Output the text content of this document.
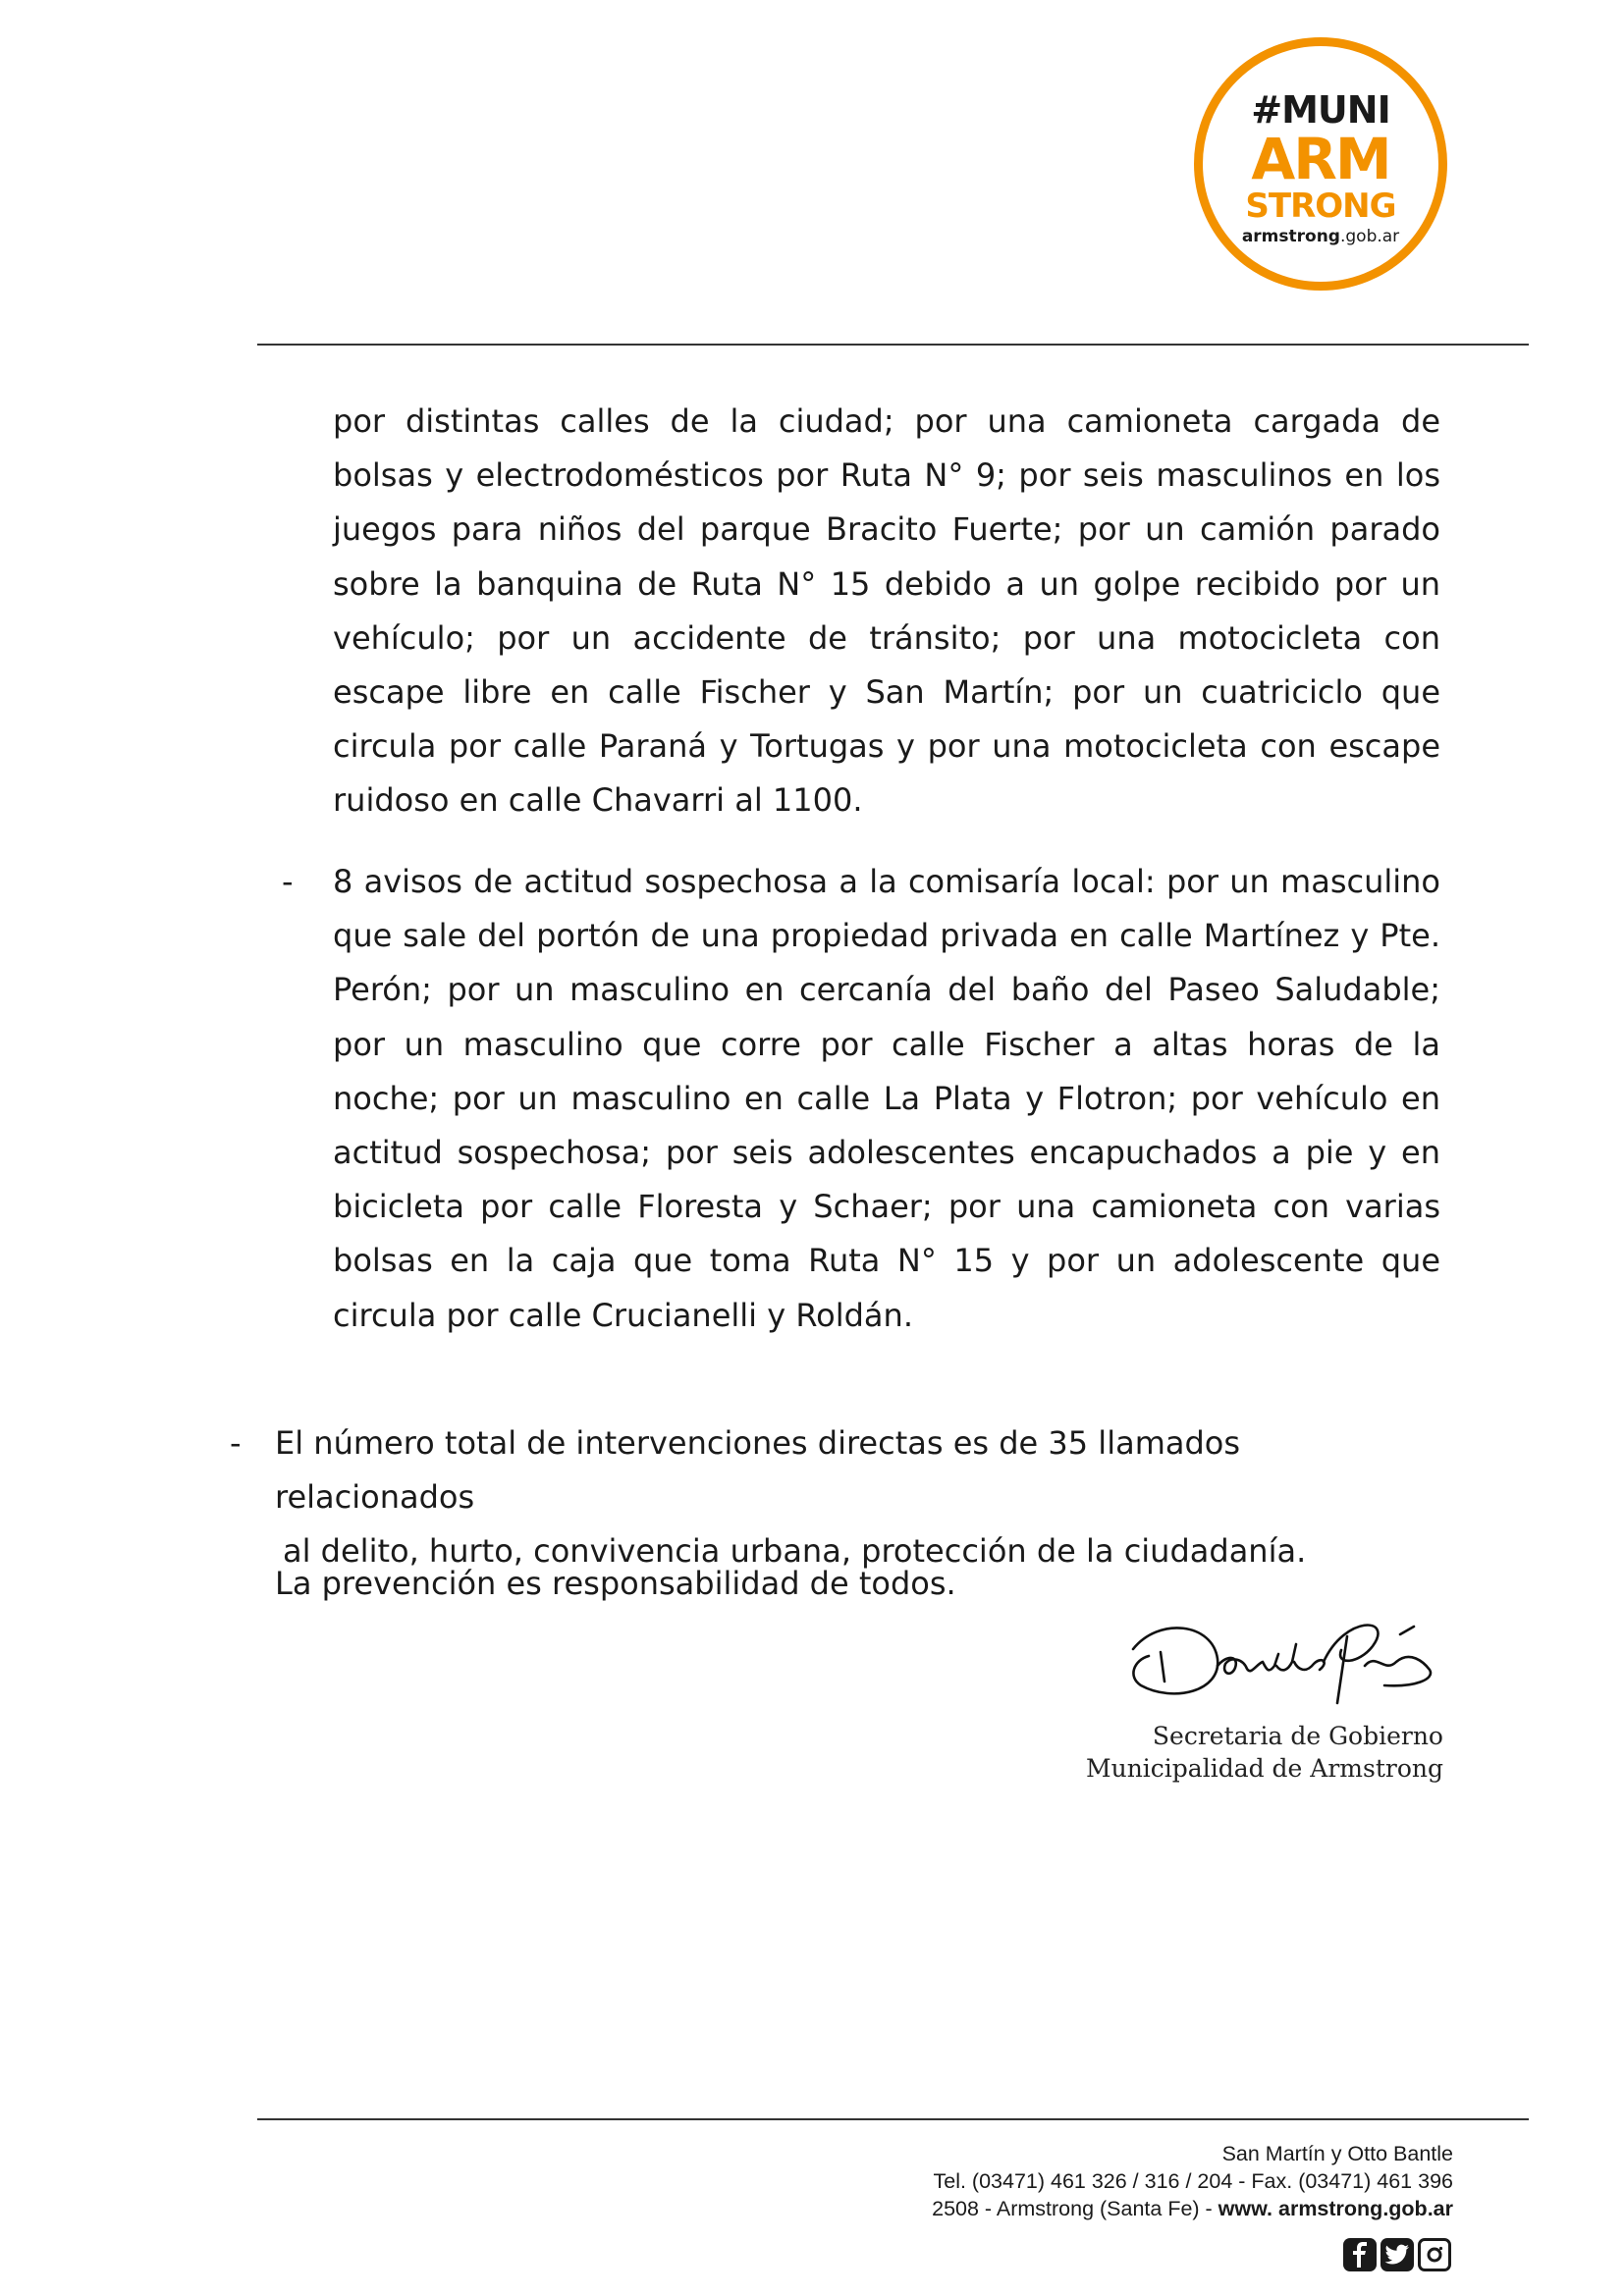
#MUNI
ARM
STRONG
armstrong.gob.ar
por distintas calles de la ciudad; por una camioneta cargada de bolsas y electrodomésticos por Ruta N° 9; por seis masculinos en los juegos para niños del parque Bracito Fuerte; por un camión parado sobre la banquina de Ruta N° 15 debido a un golpe recibido por un vehículo; por un accidente de tránsito; por una motocicleta con escape libre en calle Fischer y San Martín; por un cuatriciclo que circula por calle Paraná y Tortugas y por una motocicleta con escape ruidoso en calle Chavarri al 1100.
- 8 avisos de actitud sospechosa a la comisaría local: por un masculino que sale del portón de una propiedad privada en calle Martínez y Pte. Perón; por un masculino en cercanía del baño del Paseo Saludable; por un masculino que corre por calle Fischer a altas horas de la noche; por un masculino en calle La Plata y Flotron; por vehículo en actitud sospechosa; por seis adolescentes encapuchados a pie y en bicicleta por calle Floresta y Schaer; por una camioneta con varias bolsas en la caja que toma Ruta N° 15 y por un adolescente que circula por calle Crucianelli y Roldán.
- El número total de intervenciones directas es de 35 llamados relacionados
al delito, hurto, convivencia urbana, protección de la ciudadanía.
La prevención es responsabilidad de todos.
Secretaria de Gobierno
Municipalidad de Armstrong
San Martín y Otto Bantle
Tel. (03471) 461 326 / 316 / 204 - Fax. (03471) 461 396
2508 - Armstrong (Santa Fe) - www. armstrong.gob.ar
